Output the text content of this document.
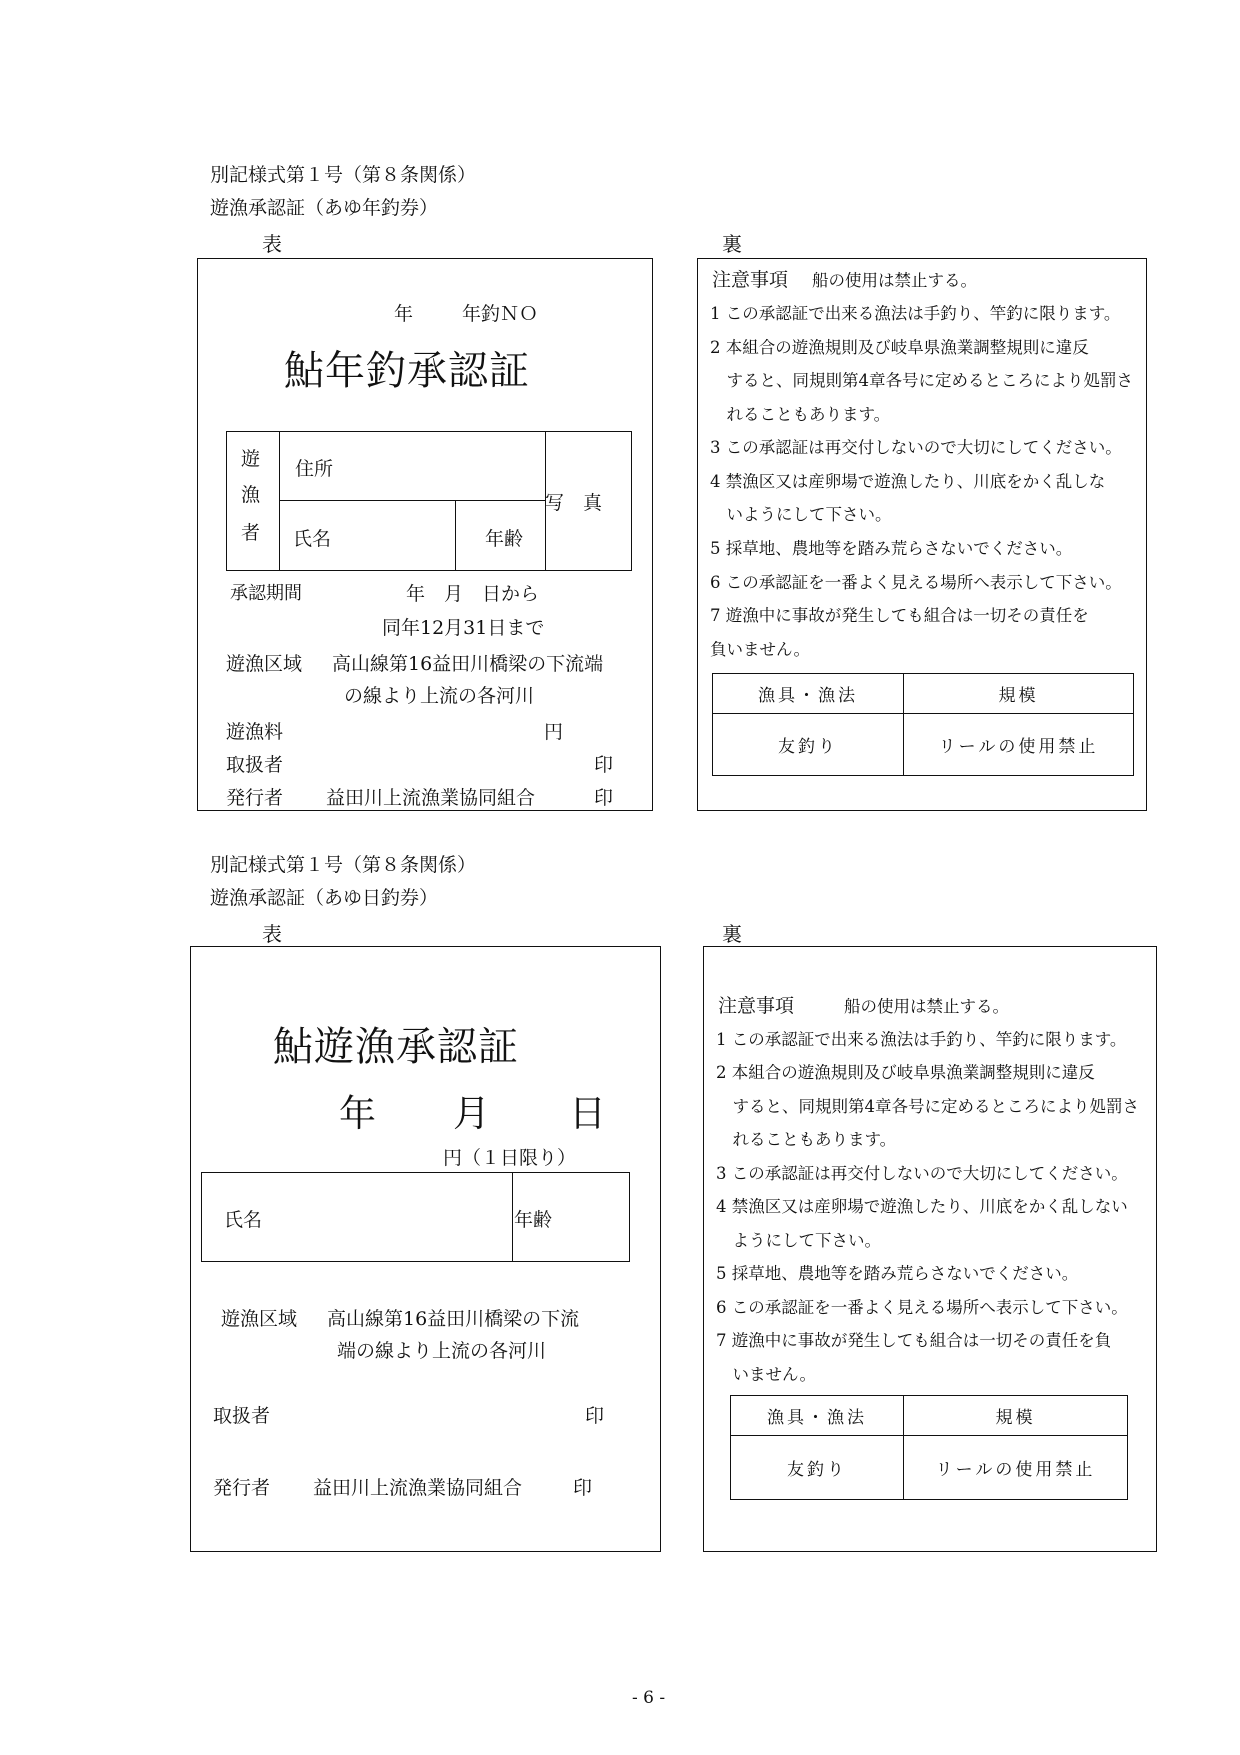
別記様式第１号（第８条関係）
遊漁承認証（あゆ年釣券）
表	裏
年	年釣ＮＯ
鮎年釣承認証
遊
漁
者
住所
氏名	年齢
写　真
承認期間	年　月　日から
同年12月31日まで
遊漁区域 高山線第16益田川橋梁の下流端
の線より上流の各河川
遊漁料	円
取扱者	印
発行者 益田川上流漁業協同組合	印
注意事項 船の使用は禁止する。
1 この承認証で出来る漁法は手釣り、竿釣に限ります。
2 本組合の遊漁規則及び岐阜県漁業調整規則に違反
　すると、同規則第4章各号に定めるところにより処罰さ
　れることもあります。
3 この承認証は再交付しないので大切にしてください。
4 禁漁区又は産卵場で遊漁したり、川底をかく乱しな
　いようにして下さい。
5 採草地、農地等を踏み荒らさないでください。
6 この承認証を一番よく見える場所へ表示して下さい。
7 遊漁中に事故が発生しても組合は一切その責任を
負いません。
漁具・漁法	規模
友釣り	リールの使用禁止
別記様式第１号（第８条関係）
遊漁承認証（あゆ日釣券）
表	裏
鮎遊漁承認証
年 月 日
円（１日限り）
氏名	年齢
遊漁区域 高山線第16益田川橋梁の下流
端の線より上流の各河川
取扱者	印
発行者 益田川上流漁業協同組合	印
注意事項	船の使用は禁止する。
1 この承認証で出来る漁法は手釣り、竿釣に限ります。
2 本組合の遊漁規則及び岐阜県漁業調整規則に違反
　すると、同規則第4章各号に定めるところにより処罰さ
　れることもあります。
3 この承認証は再交付しないので大切にしてください。
4 禁漁区又は産卵場で遊漁したり、川底をかく乱しない
　ようにして下さい。
5 採草地、農地等を踏み荒らさないでください。
6 この承認証を一番よく見える場所へ表示して下さい。
7 遊漁中に事故が発生しても組合は一切その責任を負
　いません。
漁具・漁法	規模
友釣り	リールの使用禁止
- 6 -
